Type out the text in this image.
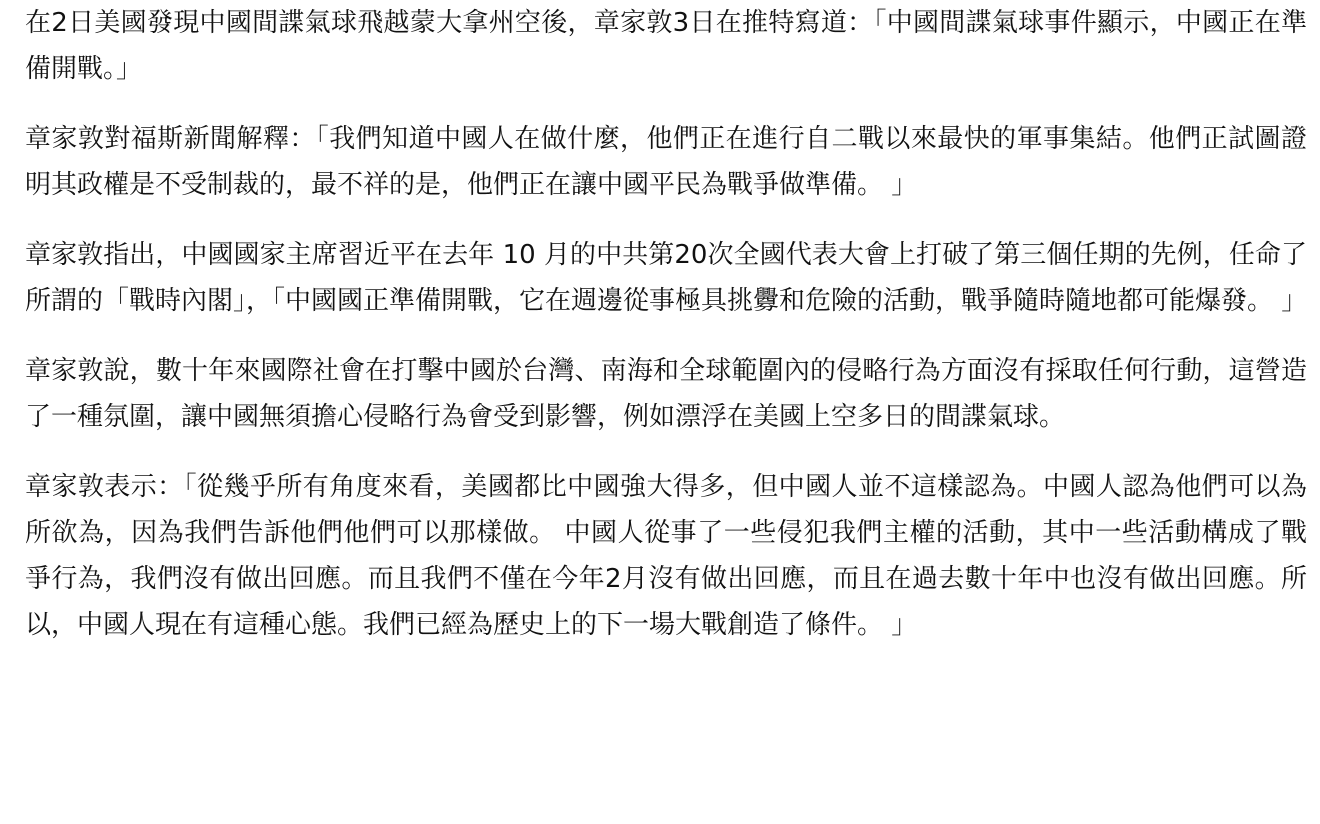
在2日美國發現中國間諜氣球飛越蒙大拿州空後，章家敦3日在推特寫道：「中國間諜氣球事件顯示，中國正在準備開戰。」

章家敦對福斯新聞解釋：「我們知道中國人在做什麼，他們正在進行自二戰以來最快的軍事集結。他們正試圖證明其政權是不受制裁的，最不祥的是，他們正在讓中國平民為戰爭做準備。 」

章家敦指出，中國國家主席習近平在去年 10 月的中共第20次全國代表大會上打破了第三個任期的先例，任命了所謂的「戰時內閣」，「中國國正準備開戰，它在週邊從事極具挑釁和危險的活動，戰爭隨時隨地都可能爆發。 」

章家敦說，數十年來國際社會在打擊中國於台灣、南海和全球範圍內的侵略行為方面沒有採取任何行動，這營造了一種氛圍，讓中國無須擔心侵略行為會受到影響，例如漂浮在美國上空多日的間諜氣球。

章家敦表示：「從幾乎所有角度來看，美國都比中國強大得多，但中國人並不這樣認為。中國人認為他們可以為所欲為，因為我們告訴他們他們可以那樣做。 中國人從事了一些侵犯我們主權的活動，其中一些活動構成了戰爭行為，我們沒有做出回應。而且我們不僅在今年2月沒有做出回應，而且在過去數十年中也沒有做出回應。所以，中國人現在有這種心態。我們已經為歷史上的下一場大戰創造了條件。 」
